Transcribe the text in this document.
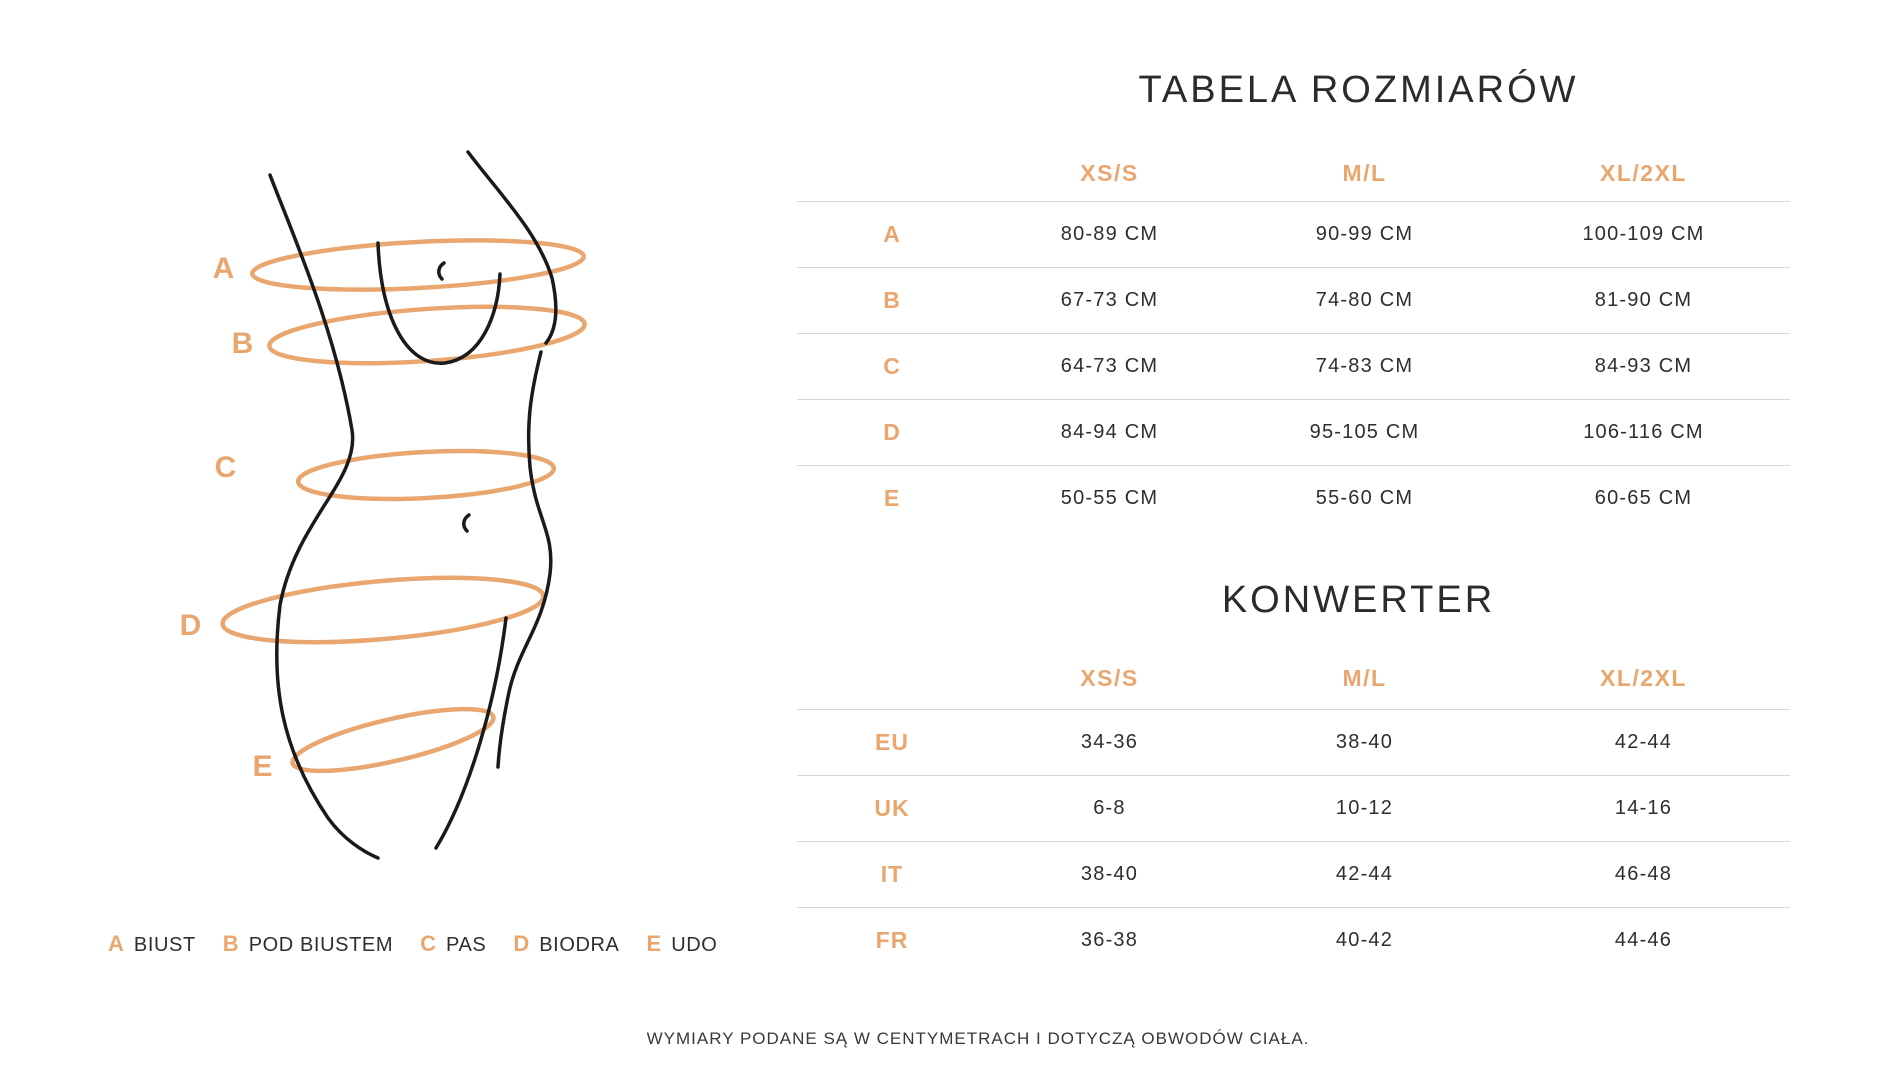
A
B
C
D
E
A BIUST B POD BIUSTEM C PAS D BIODRA E UDO
TABELA ROZMIARÓW
XS/S	M/L	XL/2XL
A	80-89 CM	90-99 CM	100-109 CM
B	67-73 CM	74-80 CM	81-90 CM
C	64-73 CM	74-83 CM	84-93 CM
D	84-94 CM	95-105 CM	106-116 CM
E	50-55 CM	55-60 CM	60-65 CM
KONWERTER
XS/S	M/L	XL/2XL
EU	34-36	38-40	42-44
UK	6-8	10-12	14-16
IT	38-40	42-44	46-48
FR	36-38	40-42	44-46
WYMIARY PODANE SĄ W CENTYMETRACH I DOTYCZĄ OBWODÓW CIAŁA.
